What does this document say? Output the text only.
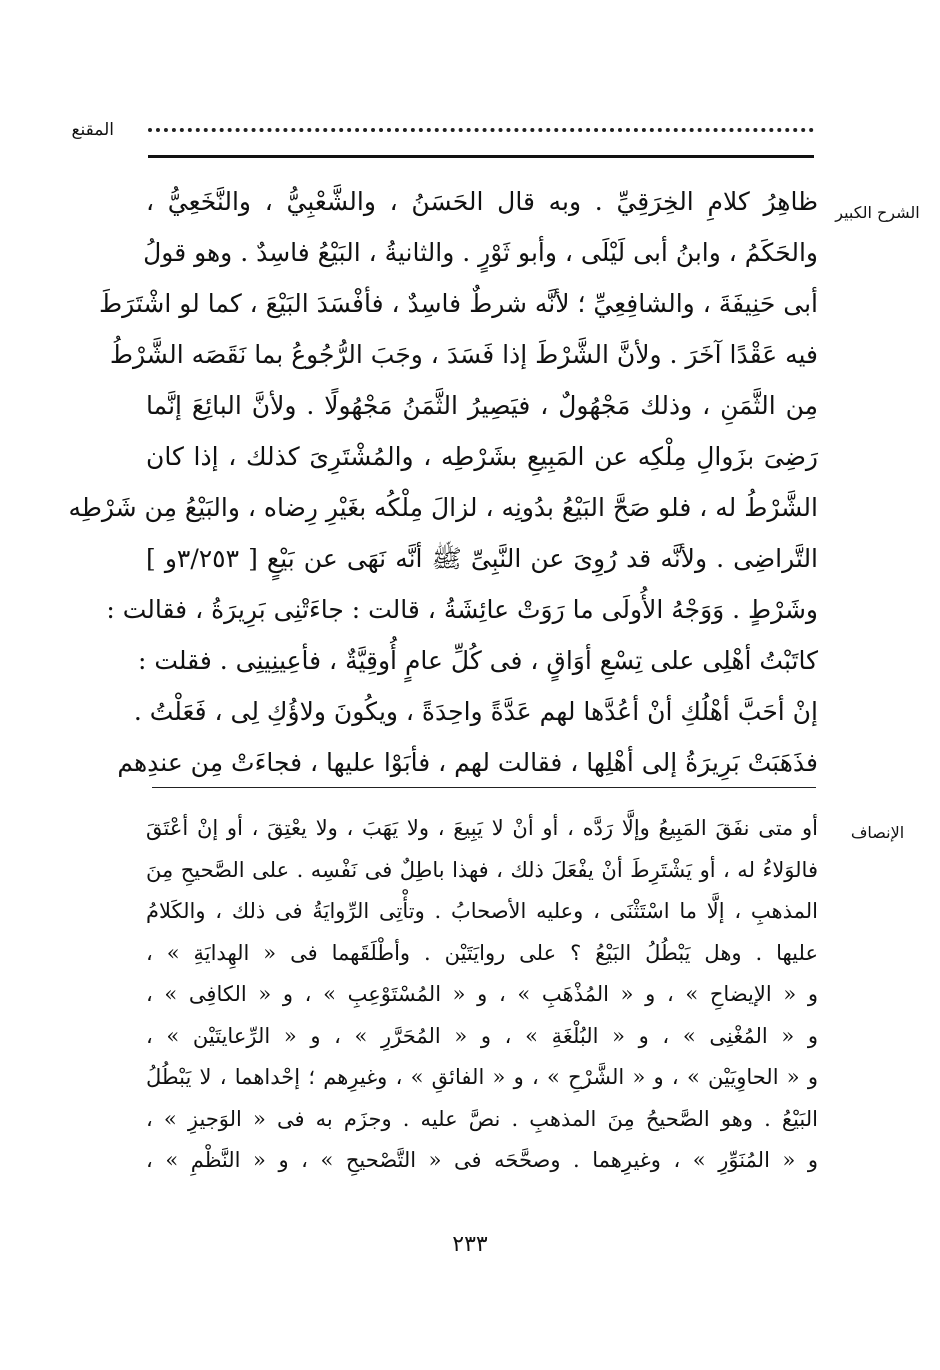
المقنع
الشرح الكبير
ظاهِرُ كلامِ الخِرَقِيِّ . وبه قال الحَسَنُ ، والشَّعْبِيُّ ، والنَّخَعِيُّ ،
والحَكَمُ ، وابنُ أبى لَيْلَى ، وأبو ثَوْرٍ . والثانيةُ ، البَيْعُ فاسِدٌ . وهو قولُ
أبى حَنِيفَةَ ، والشافِعِيِّ ؛ لأنَّه شرطٌ فاسِدٌ ، فأفْسَدَ البَيْعَ ، كما لو اشْتَرَطَ
فيه عَقْدًا آخَرَ . ولأنَّ الشَّرْطَ إذا فَسَدَ ، وجَبَ الرُّجُوعُ بما نَقَصَه الشَّرْطُ
مِن الثَّمَنِ ، وذلك مَجْهُولٌ ، فيَصِيرُ الثَّمَنُ مَجْهُولًا . ولأنَّ البائِعَ إنَّما
رَضِىَ بزَوالِ مِلْكِه عن المَبِيعِ بشَرْطِه ، والمُشْتَرِىَ كذلك ، إذا كان
الشَّرْطُ له ، فلو صَحَّ البَيْعُ بدُونِه ، لزالَ مِلْكُه بغَيْرِ رِضاه ، والبَيْعُ مِن شَرْطِه
التَّراضِى . ولأنَّه قد رُوِىَ عن النَّبِىِّ ﷺ أنَّه نَهَى عن بَيْعٍ [ ٣/٢٥٣و ]
وشَرْطٍ . وَوَجْهُ الأُولَى ما رَوَتْ عائِشَةُ ، قالت : جاءَتْنِى بَرِيرَةُ ، فقالت :
كاتَبْتُ أهْلِى على تِسْعِ أوَاقٍ ، فى كُلِّ عامٍ أُوقِيَّةٌ ، فأعِينِينِى . فقلت :
إنْ أحَبَّ أهْلُكِ أنْ أعُدَّها لهم عَدَّةً واحِدَةً ، ويكُونَ ولاؤُكِ لِى ، فَعَلْتُ .
فذَهَبَتْ بَرِيرَةُ إلى أهْلِها ، فقالت لهم ، فأبَوْا عليها ، فجاءَتْ مِن عندِهم
الإنصاف
أو متى نفَقَ المَبِيعُ وإلَّا رَدَّه ، أو أنْ لا يَبِيعَ ، ولا يَهَبَ ، ولا يعْتِقَ ، أو إنْ أعْتَقَ
فالوَلاءُ له ، أو يَشْتَرِطَ أنْ يفْعَلَ ذلك ، فهذا باطِلٌ فى نَفْسِه . على الصَّحيحِ مِنَ
المذهبِ ، إلَّا ما اسْتَثْنَى ، وعليه الأصحابُ . وتأْتِى الرِّوايَةُ فى ذلك ، والكَلامُ
عليها . وهل يَبْطُلُ البَيْعُ ؟ على روايَتَيْن . وأطْلَقَهما فى « الهِدايَةِ » ،
و « الإيضاحِ » ، و « المُذْهَبِ » ، و « المُسْتَوْعِبِ » ، و « الكافِى » ،
و « المُغْنِى » ، و « البُلْغَةِ » ، و « المُحَرَّرِ » ، و « الرِّعايتَيْن » ،
و « الحاوِيَيْن » ، و « الشَّرْحِ » ، و « الفائقِ » ، وغيرِهم ؛ إحْداهما ، لا يَبْطُلُ
البَيْعُ . وهو الصَّحيحُ مِنَ المذهبِ . نصَّ عليه . وجزَم به فى « الوَجيزِ » ،
و « المُنَوِّرِ » ، وغيرِهما . وصحَّحَه فى « التَّصْحيحِ » ، و « النَّظْمِ » ،
٢٣٣
